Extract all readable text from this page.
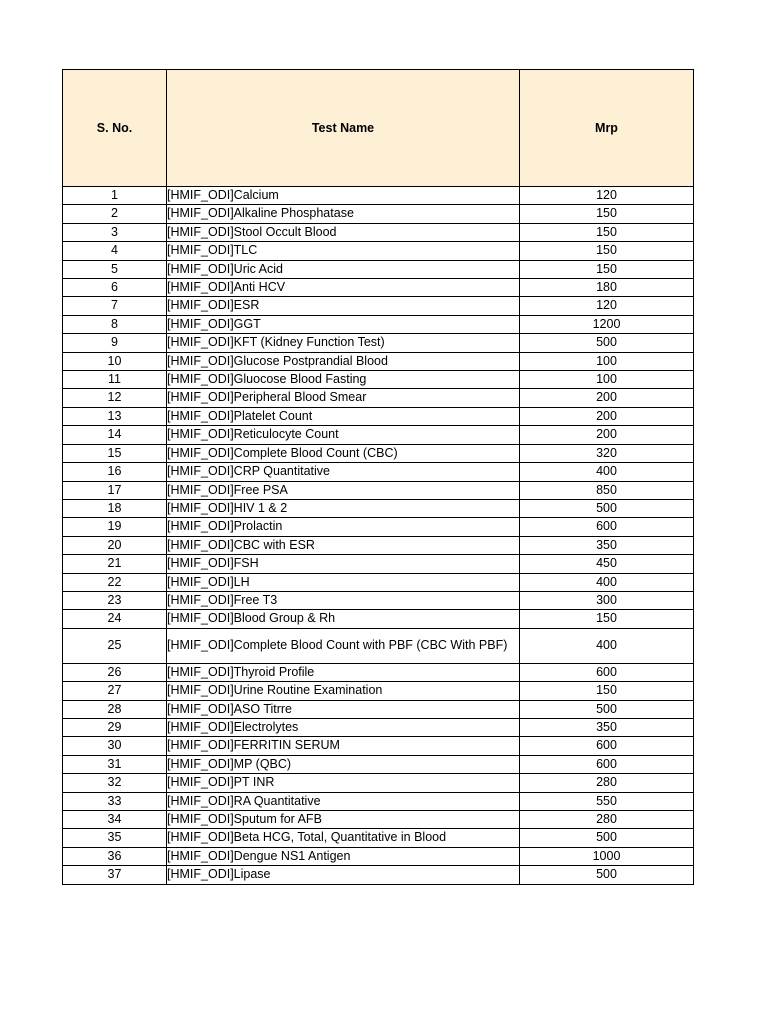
S. No.	Test Name	Mrp
1	[HMIF_ODI]Calcium	120
2	[HMIF_ODI]Alkaline Phosphatase	150
3	[HMIF_ODI]Stool Occult Blood	150
4	[HMIF_ODI]TLC	150
5	[HMIF_ODI]Uric Acid	150
6	[HMIF_ODI]Anti HCV	180
7	[HMIF_ODI]ESR	120
8	[HMIF_ODI]GGT	1200
9	[HMIF_ODI]KFT (Kidney Function Test)	500
10	[HMIF_ODI]Glucose Postprandial Blood	100
11	[HMIF_ODI]Gluocose Blood Fasting	100
12	[HMIF_ODI]Peripheral Blood Smear	200
13	[HMIF_ODI]Platelet Count	200
14	[HMIF_ODI]Reticulocyte Count	200
15	[HMIF_ODI]Complete Blood Count (CBC)	320
16	[HMIF_ODI]CRP Quantitative	400
17	[HMIF_ODI]Free PSA	850
18	[HMIF_ODI]HIV 1 & 2	500
19	[HMIF_ODI]Prolactin	600
20	[HMIF_ODI]CBC with ESR	350
21	[HMIF_ODI]FSH	450
22	[HMIF_ODI]LH	400
23	[HMIF_ODI]Free T3	300
24	[HMIF_ODI]Blood Group & Rh	150
25	[HMIF_ODI]Complete Blood Count with PBF (CBC With PBF)	400
26	[HMIF_ODI]Thyroid Profile	600
27	[HMIF_ODI]Urine Routine Examination	150
28	[HMIF_ODI]ASO Titrre	500
29	[HMIF_ODI]Electrolytes	350
30	[HMIF_ODI]FERRITIN SERUM	600
31	[HMIF_ODI]MP (QBC)	600
32	[HMIF_ODI]PT INR	280
33	[HMIF_ODI]RA Quantitative	550
34	[HMIF_ODI]Sputum for AFB	280
35	[HMIF_ODI]Beta HCG, Total, Quantitative in Blood	500
36	[HMIF_ODI]Dengue NS1 Antigen	1000
37	[HMIF_ODI]Lipase	500
